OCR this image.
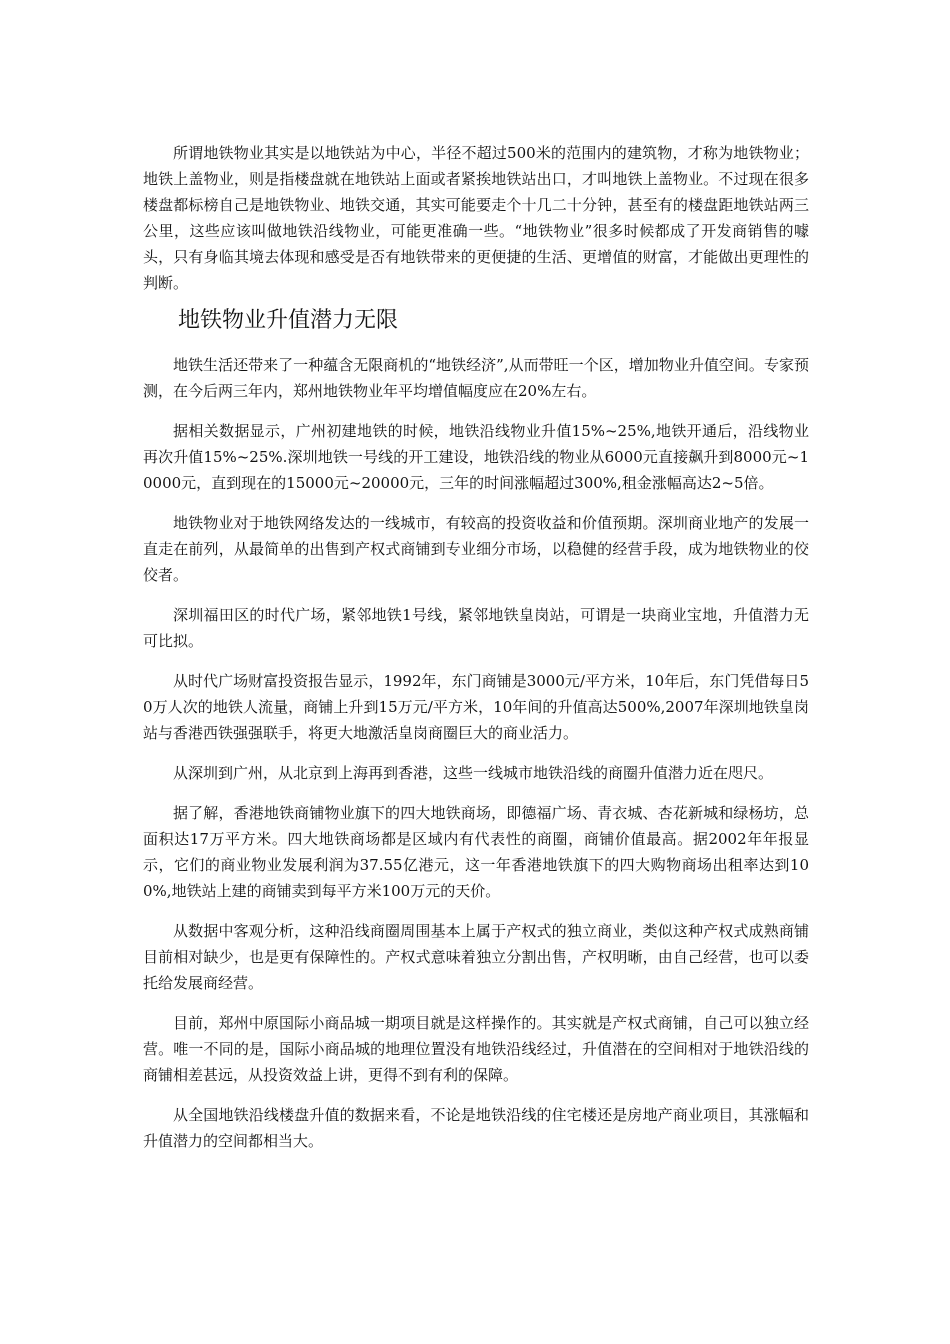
所谓地铁物业其实是以地铁站为中心，半径不超过500米的范围内的建筑物，才称为地铁物业；地铁上盖物业，则是指楼盘就在地铁站上面或者紧挨地铁站出口，才叫地铁上盖物业。不过现在很多楼盘都标榜自己是地铁物业、地铁交通，其实可能要走个十几二十分钟，甚至有的楼盘距地铁站两三公里，这些应该叫做地铁沿线物业，可能更准确一些。“地铁物业”很多时候都成了开发商销售的噱头，只有身临其境去体现和感受是否有地铁带来的更便捷的生活、更增值的财富，才能做出更理性的判断。

地铁物业升值潜力无限

地铁生活还带来了一种蕴含无限商机的“地铁经济”,从而带旺一个区，增加物业升值空间。专家预测，在今后两三年内，郑州地铁物业年平均增值幅度应在20%左右。

据相关数据显示，广州初建地铁的时候，地铁沿线物业升值15%~25%,地铁开通后，沿线物业再次升值15%~25%.深圳地铁一号线的开工建设，地铁沿线的物业从6000元直接飙升到8000元~10000元，直到现在的15000元~20000元，三年的时间涨幅超过300%,租金涨幅高达2~5倍。

地铁物业对于地铁网络发达的一线城市，有较高的投资收益和价值预期。深圳商业地产的发展一直走在前列，从最简单的出售到产权式商铺到专业细分市场，以稳健的经营手段，成为地铁物业的佼佼者。

深圳福田区的时代广场，紧邻地铁1号线，紧邻地铁皇岗站，可谓是一块商业宝地，升值潜力无可比拟。

从时代广场财富投资报告显示，1992年，东门商铺是3000元/平方米，10年后，东门凭借每日50万人次的地铁人流量，商铺上升到15万元/平方米，10年间的升值高达500%,2007年深圳地铁皇岗站与香港西铁强强联手，将更大地激活皇岗商圈巨大的商业活力。

从深圳到广州，从北京到上海再到香港，这些一线城市地铁沿线的商圈升值潜力近在咫尺。

据了解，香港地铁商铺物业旗下的四大地铁商场，即德福广场、青衣城、杏花新城和绿杨坊，总面积达17万平方米。四大地铁商场都是区域内有代表性的商圈，商铺价值最高。据2002年年报显示，它们的商业物业发展利润为37.55亿港元，这一年香港地铁旗下的四大购物商场出租率达到100%,地铁站上建的商铺卖到每平方米100万元的天价。

从数据中客观分析，这种沿线商圈周围基本上属于产权式的独立商业，类似这种产权式成熟商铺目前相对缺少，也是更有保障性的。产权式意味着独立分割出售，产权明晰，由自己经营，也可以委托给发展商经营。

目前，郑州中原国际小商品城一期项目就是这样操作的。其实就是产权式商铺，自己可以独立经营。唯一不同的是，国际小商品城的地理位置没有地铁沿线经过，升值潜在的空间相对于地铁沿线的商铺相差甚远，从投资效益上讲，更得不到有利的保障。

从全国地铁沿线楼盘升值的数据来看，不论是地铁沿线的住宅楼还是房地产商业项目，其涨幅和升值潜力的空间都相当大。
